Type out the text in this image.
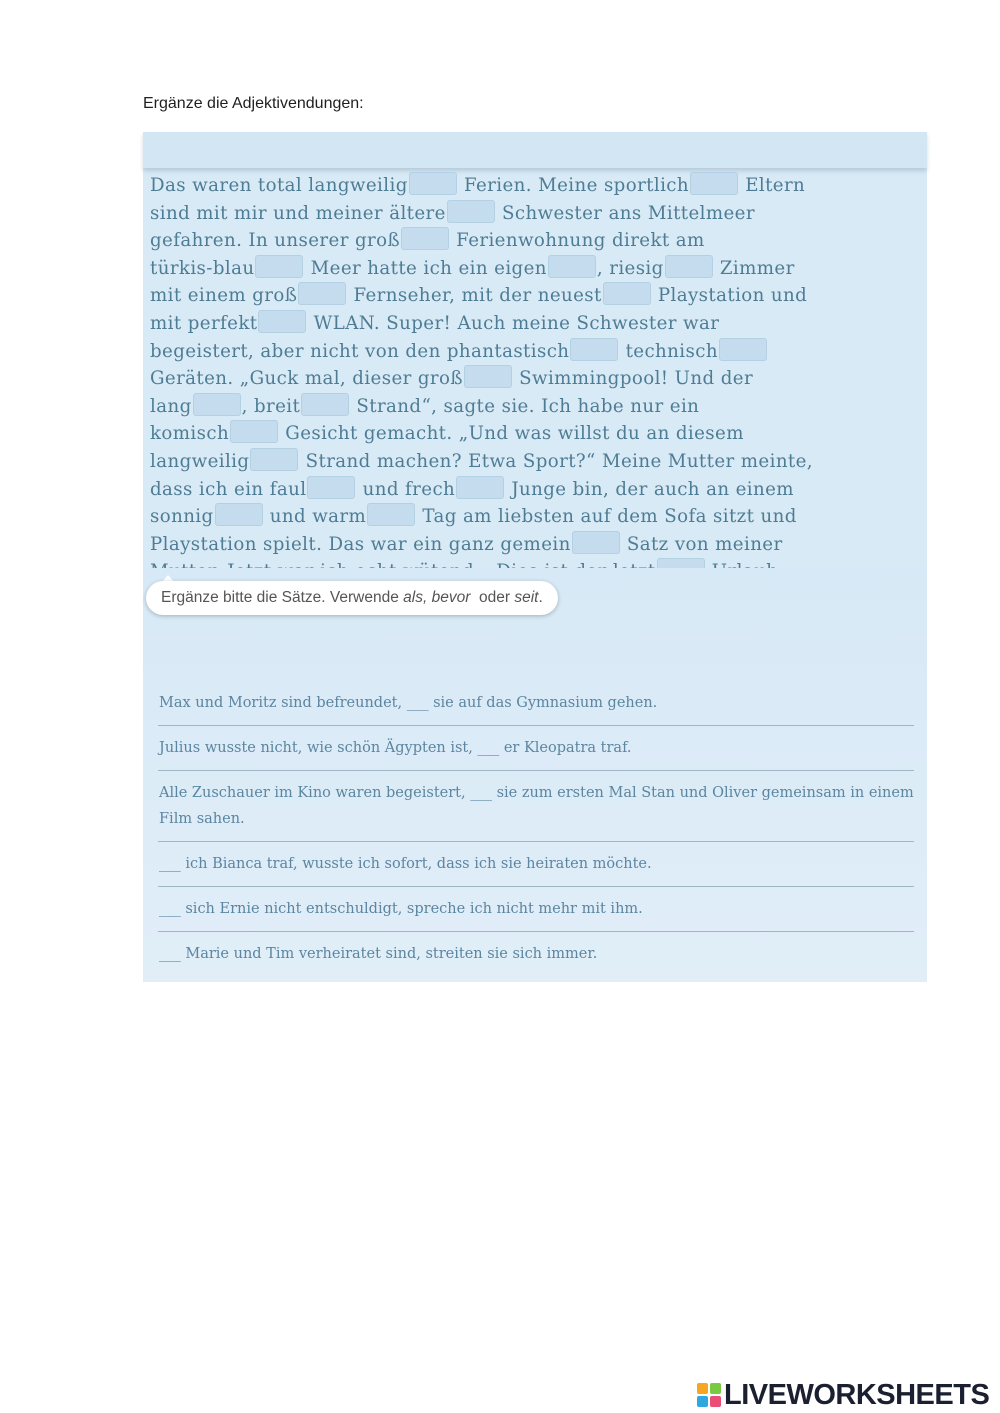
Ergänze die Adjektivendungen:
Das waren total langweilig	Ferien. Meine sportlich	Eltern
sind mit mir und meiner ältere	Schwester ans Mittelmeer
gefahren. In unserer groß	Ferienwohnung direkt am
türkis-blau	Meer hatte ich ein eigen	, riesig	Zimmer
mit einem groß	Fernseher, mit der neuest	Playstation und
mit perfekt	WLAN. Super! Auch meine Schwester war
begeistert, aber nicht von den phantastisch	technisch
Geräten. „Guck mal, dieser groß	Swimmingpool! Und der
lang	, breit	Strand“, sagte sie. Ich habe nur ein
komisch	Gesicht gemacht. „Und was willst du an diesem
langweilig	Strand machen? Etwa Sport?“ Meine Mutter meinte,
dass ich ein faul	und frech	Junge bin, der auch an einem
sonnig	und warm	Tag am liebsten auf dem Sofa sitzt und
Playstation spielt. Das war ein ganz gemein	Satz von meiner
Ergänze bitte die Sätze. Verwende als, bevor  oder seit.
Max und Moritz sind befreundet, ___ sie auf das Gymnasium gehen.
Julius wusste nicht, wie schön Ägypten ist, ___ er Kleopatra traf.
Alle Zuschauer im Kino waren begeistert, ___ sie zum ersten Mal Stan und Oliver gemeinsam in einem Film sahen.
___ ich Bianca traf, wusste ich sofort, dass ich sie heiraten möchte.
___ sich Ernie nicht entschuldigt, spreche ich nicht mehr mit ihm.
___ Marie und Tim verheiratet sind, streiten sie sich immer.
LIVEWORKSHEETS
